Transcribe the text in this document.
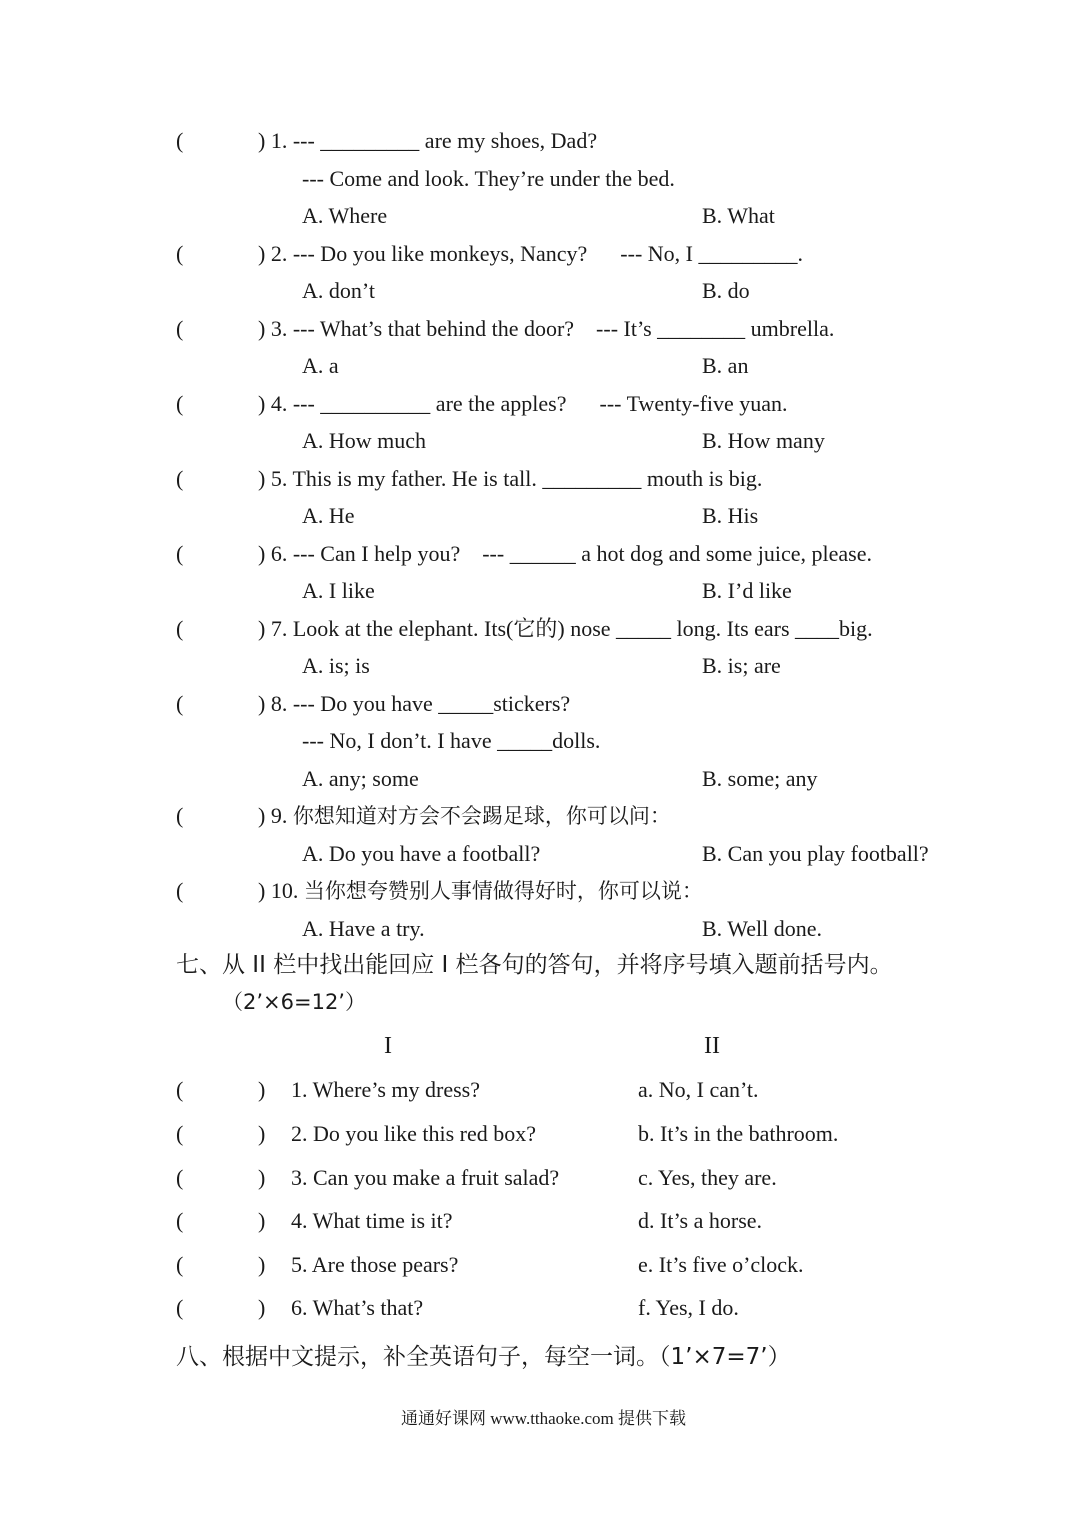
(	) 1. --- _________ are my shoes, Dad?
--- Come and look. They’re under the bed.
A. Where	B. What
(	) 2. --- Do you like monkeys, Nancy?      --- No, I _________.
A. don’t	B. do
(	) 3. --- What’s that behind the door?    --- It’s ________ umbrella.
A. a	B. an
(	) 4. --- __________ are the apples?      --- Twenty-five yuan.
A. How much	B. How many
(	) 5. This is my father. He is tall. _________ mouth is big.
A. He	B. His
(	) 6. --- Can I help you?    --- ______ a hot dog and some juice, please.
A. I like	B. I’d like
(	) 7. Look at the elephant. Its(它的) nose _____ long. Its ears ____big.
A. is; is	B. is; are
(	) 8. --- Do you have _____stickers?
--- No, I don’t. I have _____dolls.
A. any; some	B. some; any
(	) 9. 你想知道对方会不会踢足球，你可以问：
A. Do you have a football?	B. Can you play football?
(	) 10. 当你想夸赞别人事情做得好时，你可以说：
A. Have a try.	B. Well done.
七、从 II 栏中找出能回应 I 栏各句的答句，并将序号填入题前括号内。
（2’×6=12’）
I	II
(	) 1. Where’s my dress?	a. No, I can’t.
(	) 2. Do you like this red box?	b. It’s in the bathroom.
(	) 3. Can you make a fruit salad?	c. Yes, they are.
(	) 4. What time is it?	d. It’s a horse.
(	) 5. Are those pears?	e. It’s five o’clock.
(	) 6. What’s that?	f. Yes, I do.
八、根据中文提示，补全英语句子，每空一词。（1’×7=7’）
通通好课网 www.tthaoke.com 提供下载
